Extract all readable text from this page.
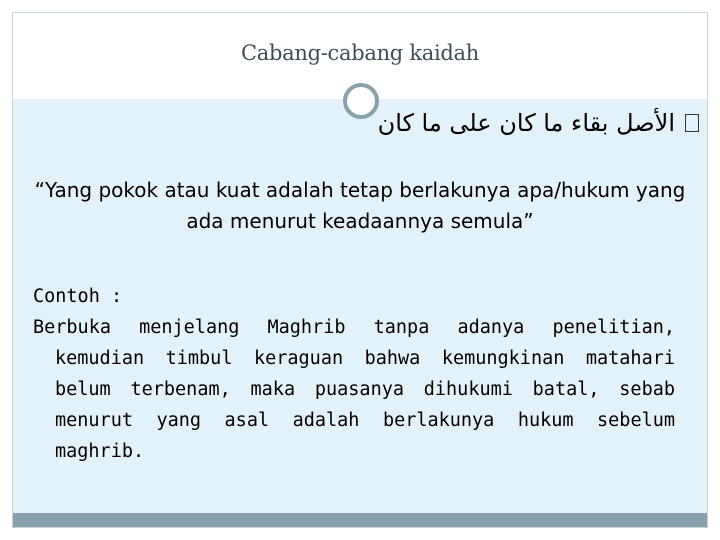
Cabang-cabang kaidah
الأصل بقاء ما كان على ما كان
“Yang pokok atau kuat adalah tetap berlakunya apa/hukum yang ada menurut keadaannya semula”

Contoh :

Berbuka menjelang Maghrib tanpa adanya penelitian, kemudian timbul keraguan bahwa kemungkinan matahari belum terbenam, maka puasanya dihukumi batal, sebab menurut yang asal adalah berlakunya hukum sebelum maghrib.
